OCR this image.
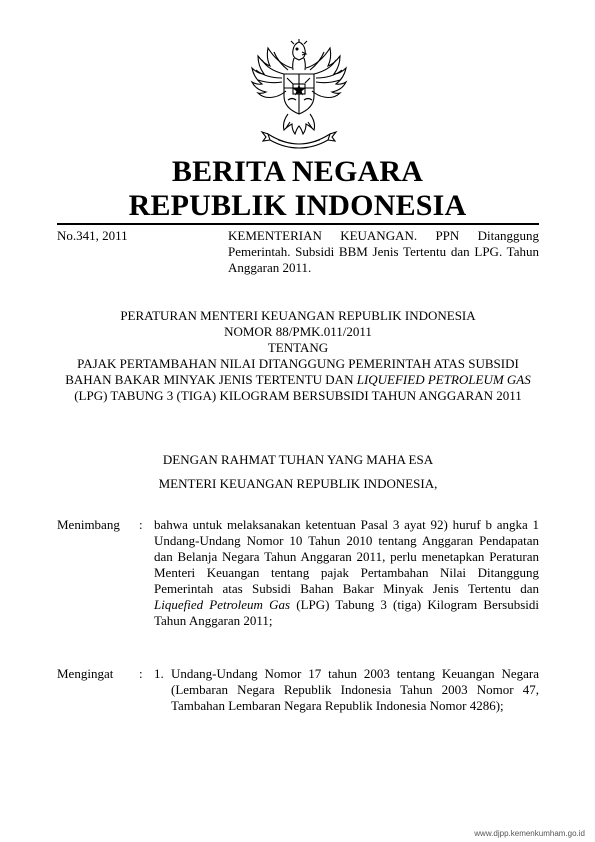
BERITA NEGARA
REPUBLIK INDONESIA
No.341, 2011	KEMENTERIAN KEUANGAN. PPN Ditanggung Pemerintah. Subsidi BBM Jenis Tertentu dan LPG. Tahun Anggaran 2011.
PERATURAN MENTERI KEUANGAN REPUBLIK INDONESIA
NOMOR 88/PMK.011/2011
TENTANG
PAJAK PERTAMBAHAN NILAI DITANGGUNG PEMERINTAH ATAS SUBSIDI BAHAN BAKAR MINYAK JENIS TERTENTU DAN LIQUEFIED PETROLEUM GAS (LPG) TABUNG 3 (TIGA) KILOGRAM BERSUBSIDI TAHUN ANGGARAN 2011
DENGAN RAHMAT TUHAN YANG MAHA ESA
MENTERI KEUANGAN REPUBLIK INDONESIA,
Menimbang : bahwa untuk melaksanakan ketentuan Pasal 3 ayat 92) huruf b angka 1 Undang-Undang Nomor 10 Tahun 2010 tentang Anggaran Pendapatan dan Belanja Negara Tahun Anggaran 2011, perlu menetapkan Peraturan Menteri Keuangan tentang pajak Pertambahan Nilai Ditanggung Pemerintah atas Subsidi Bahan Bakar Minyak Jenis Tertentu dan Liquefied Petroleum Gas (LPG) Tabung 3 (tiga) Kilogram Bersubsidi Tahun Anggaran 2011;
Mengingat : 1. Undang-Undang Nomor 17 tahun 2003 tentang Keuangan Negara (Lembaran Negara Republik Indonesia Tahun 2003 Nomor 47, Tambahan Lembaran Negara Republik Indonesia Nomor 4286);
www.djpp.kemenkumham.go.id
